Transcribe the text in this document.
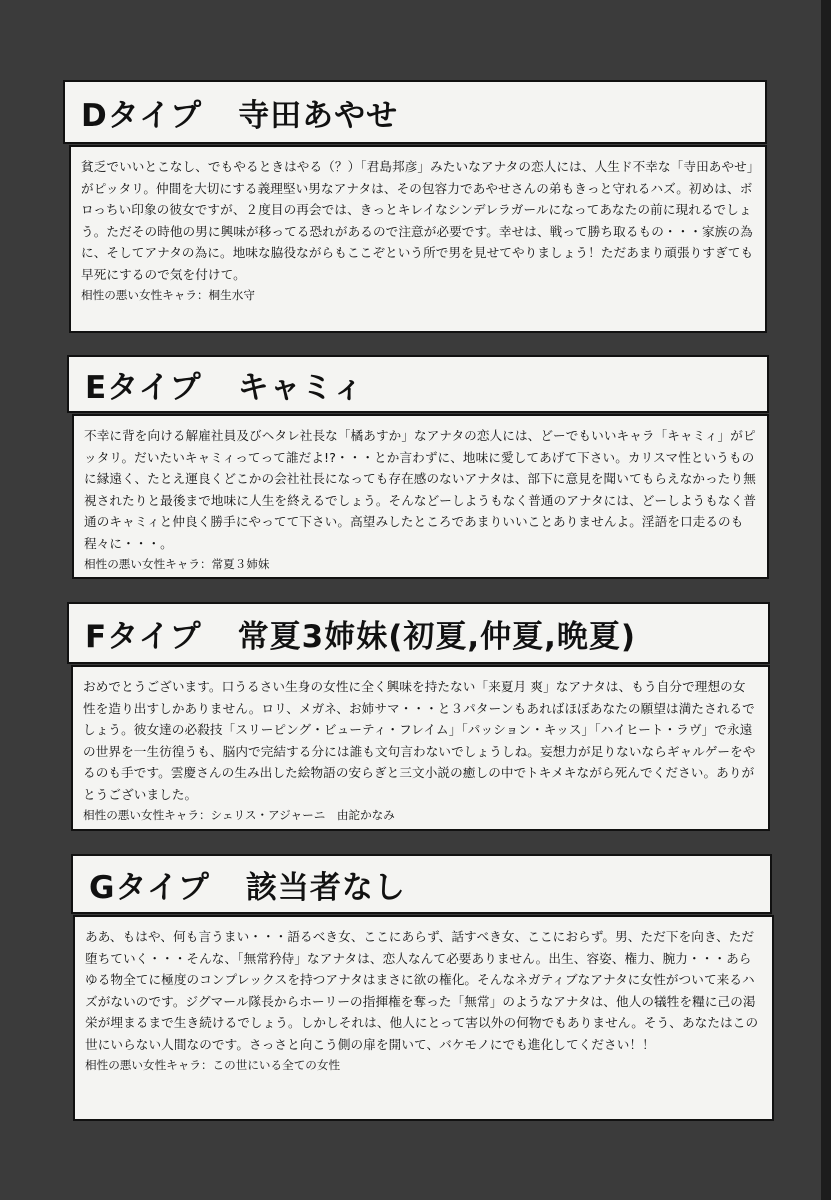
Dタイプ 寺田あやせ

貧乏でいいとこなし、でもやるときはやる（？）「君島邦彦」みたいなアナタの恋人には、人生ド不幸な「寺田あやせ」がピッタリ。仲間を大切にする義理堅い男なアナタは、その包容力であやせさんの弟もきっと守れるハズ。初めは、ボロっちい印象の彼女ですが、２度目の再会では、きっとキレイなシンデレラガールになってあなたの前に現れるでしょう。ただその時他の男に興味が移ってる恐れがあるので注意が必要です。幸せは、戦って勝ち取るもの・・・家族の為に、そしてアナタの為に。地味な脇役ながらもここぞという所で男を見せてやりましょう！ただあまり頑張りすぎても早死にするので気を付けて。

相性の悪い女性キャラ：桐生水守

Eタイプ キャミィ

不幸に背を向ける解雇社員及びヘタレ社長な「橘あすか」なアナタの恋人には、どーでもいいキャラ「キャミィ」がピッタリ。だいたいキャミィってって誰だよ!?・・・とか言わずに、地味に愛してあげて下さい。カリスマ性というものに縁遠く、たとえ運良くどこかの会社社長になっても存在感のないアナタは、部下に意見を聞いてもらえなかったり無視されたりと最後まで地味に人生を終えるでしょう。そんなどーしようもなく普通のアナタには、どーしようもなく普通のキャミィと仲良く勝手にやってて下さい。高望みしたところであまりいいことありませんよ。淫語を口走るのも程々に・・・。

相性の悪い女性キャラ：常夏３姉妹

Fタイプ 常夏3姉妹(初夏,仲夏,晩夏)

おめでとうございます。口うるさい生身の女性に全く興味を持たない「来夏月 爽」なアナタは、もう自分で理想の女性を造り出すしかありません。ロリ、メガネ、お姉サマ・・・と３パターンもあればほぼあなたの願望は満たされるでしょう。彼女達の必殺技「スリーピング・ビューティ・フレイム」「パッション・キッス」「ハイヒート・ラヴ」で永遠の世界を一生彷徨うも、脳内で完結する分には誰も文句言わないでしょうしね。妄想力が足りないならギャルゲーをやるのも手です。雲慶さんの生み出した絵物語の安らぎと三文小説の癒しの中でトキメキながら死んでください。ありがとうございました。

相性の悪い女性キャラ：シェリス・アジャーニ　由詑かなみ

Gタイプ 該当者なし

ああ、もはや、何も言うまい・・・語るべき女、ここにあらず、話すべき女、ここにおらず。男、ただ下を向き、ただ堕ちていく・・・そんな、「無常矜侍」なアナタは、恋人なんて必要ありません。出生、容姿、権力、腕力・・・あらゆる物全てに極度のコンプレックスを持つアナタはまさに欲の権化。そんなネガティブなアナタに女性がついて来るハズがないのです。ジグマール隊長からホーリーの指揮権を奪った「無常」のようなアナタは、他人の犠牲を糧に己の渇栄が埋まるまで生き続けるでしょう。しかしそれは、他人にとって害以外の何物でもありません。そう、あなたはこの世にいらない人間なのです。さっさと向こう側の扉を開いて、バケモノにでも進化してください！！

相性の悪い女性キャラ：この世にいる全ての女性
